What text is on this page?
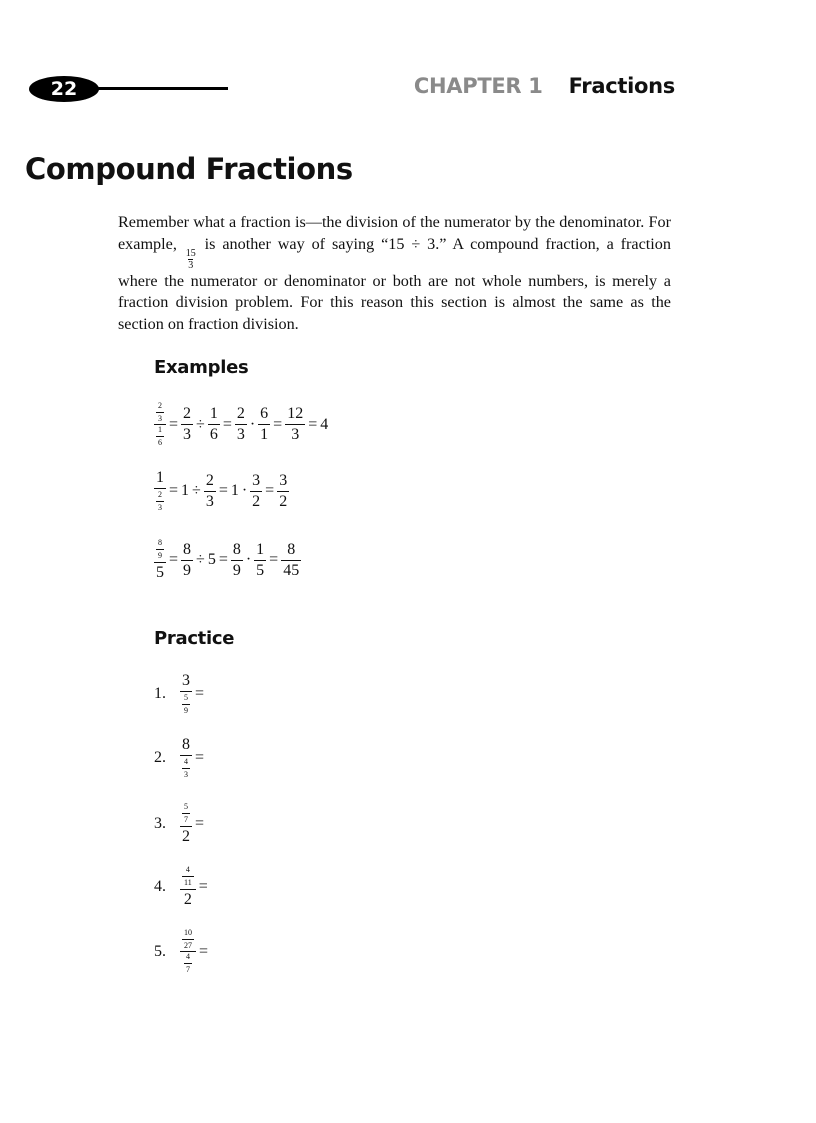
22	CHAPTER 1 Fractions
Compound Fractions

Remember what a fraction is—the division of the numerator by the denominator. For example,
$\frac{15}{3}$
is another way of saying “15 ÷ 3.” A compound fraction, a fraction where the numerator or denominator or both are not whole numbers, is merely a fraction division problem. For this reason this section is almost the same as the section on fraction division.

Examples
$\frac{\frac{2}{3}}{\frac{1}{6}} = \frac{2}{3} \div \frac{1}{6} = \frac{2}{3} \cdot \frac{6}{1} = \frac{12}{3} = 4$
$\frac{1}{\frac{2}{3}} = 1 \div \frac{2}{3} = 1 \cdot \frac{3}{2} = \frac{3}{2}$
$\frac{\frac{8}{9}}{5} = \frac{8}{9} \div 5 = \frac{8}{9} \cdot \frac{1}{5} = \frac{8}{45}$
Practice
1. $\frac{3}{\frac{5}{9}}$ =
2. $\frac{8}{\frac{4}{3}}$ =
3.	$\frac{\frac{5}{7}}{2}$ =
4.	$\frac{\frac{4}{11}}{2}$ =
5.	$\frac{\frac{10}{27}}{\frac{4}{7}}$ =
